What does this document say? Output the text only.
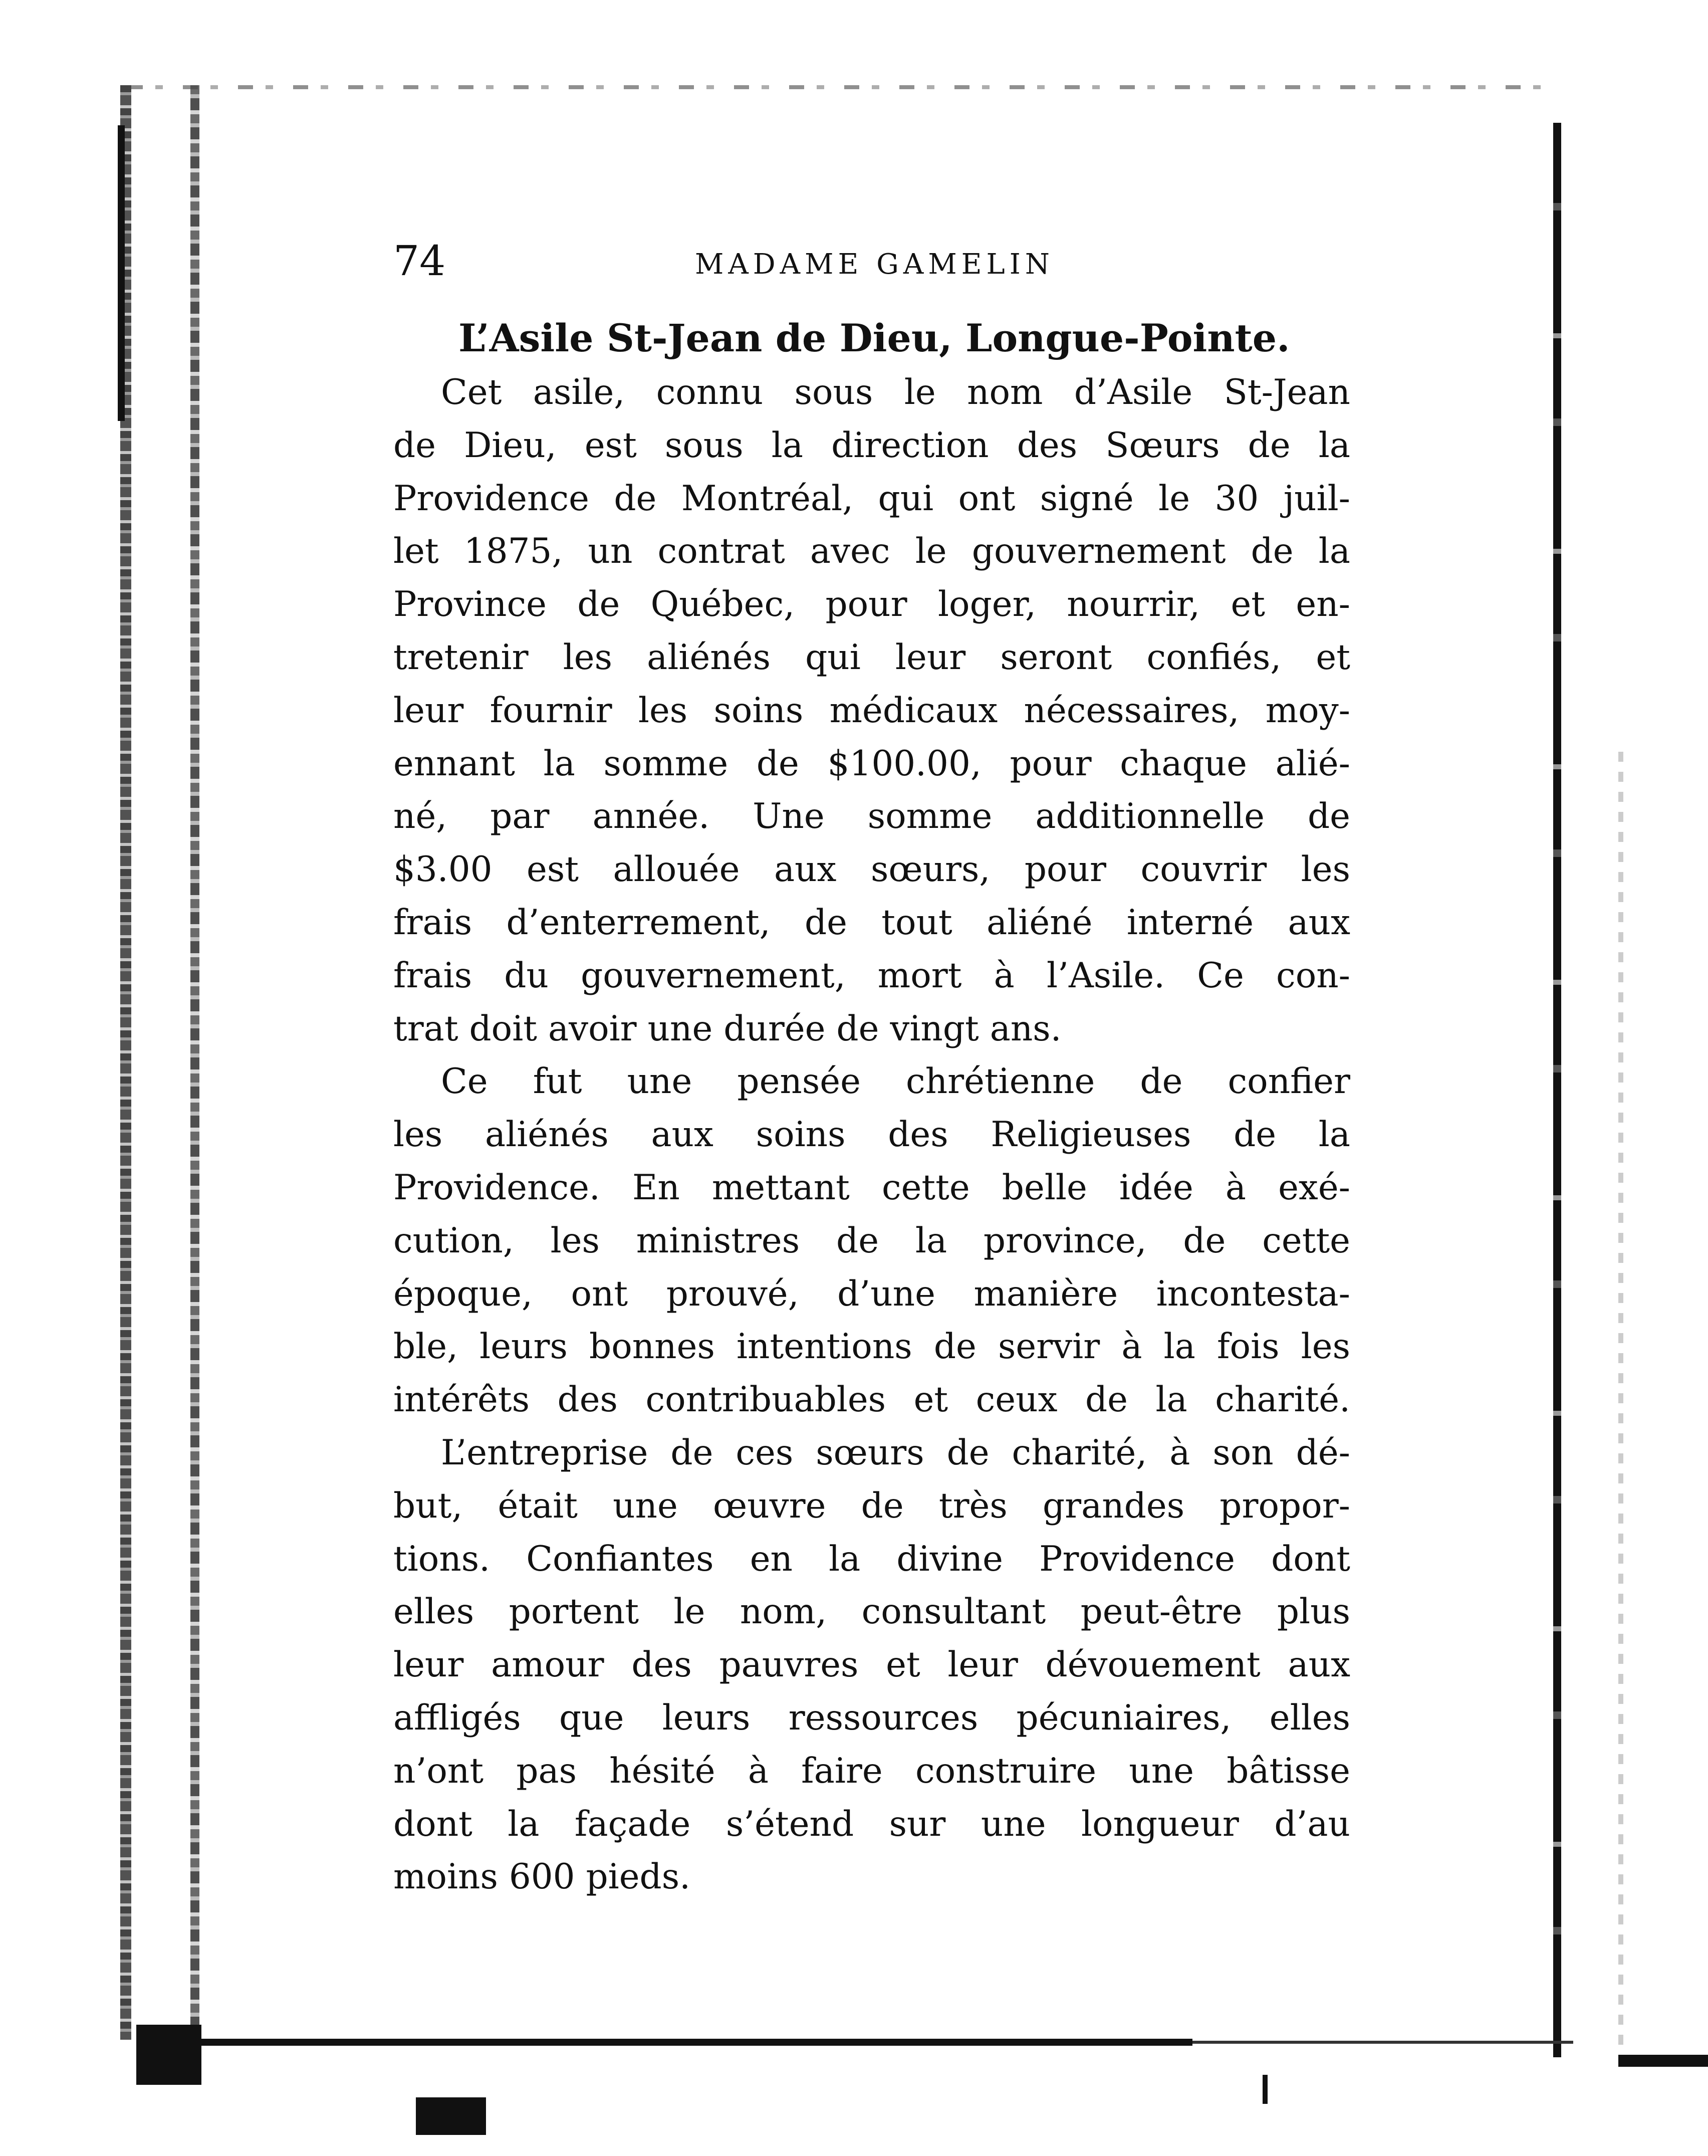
74	MADAME GAMELIN
L’Asile St-Jean de Dieu, Longue-Pointe.
Cet asile, connu sous le nom d’Asile St-Jean
de Dieu, est sous la direction des Sœurs de la
Providence de Montréal, qui ont signé le 30 juil-
let 1875, un contrat avec le gouvernement de la
Province de Québec, pour loger, nourrir, et en-
tretenir les aliénés qui leur seront confiés, et
leur fournir les soins médicaux nécessaires, moy-
ennant la somme de $100.00, pour chaque alié-
né, par année. Une somme additionnelle de
$3.00 est allouée aux sœurs, pour couvrir les
frais d’enterrement, de tout aliéné interné aux
frais du gouvernement, mort à l’Asile. Ce con-
trat doit avoir une durée de vingt ans.
Ce fut une pensée chrétienne de confier
les aliénés aux soins des Religieuses de la
Providence. En mettant cette belle idée à exé-
cution, les ministres de la province, de cette
époque, ont prouvé, d’une manière incontesta-
ble, leurs bonnes intentions de servir à la fois les
intérêts des contribuables et ceux de la charité.
L’entreprise de ces sœurs de charité, à son dé-
but, était une œuvre de très grandes propor-
tions. Confiantes en la divine Providence dont
elles portent le nom, consultant peut-être plus
leur amour des pauvres et leur dévouement aux
affligés que leurs ressources pécuniaires, elles
n’ont pas hésité à faire construire une bâtisse
dont la façade s’étend sur une longueur d’au
moins 600 pieds.
